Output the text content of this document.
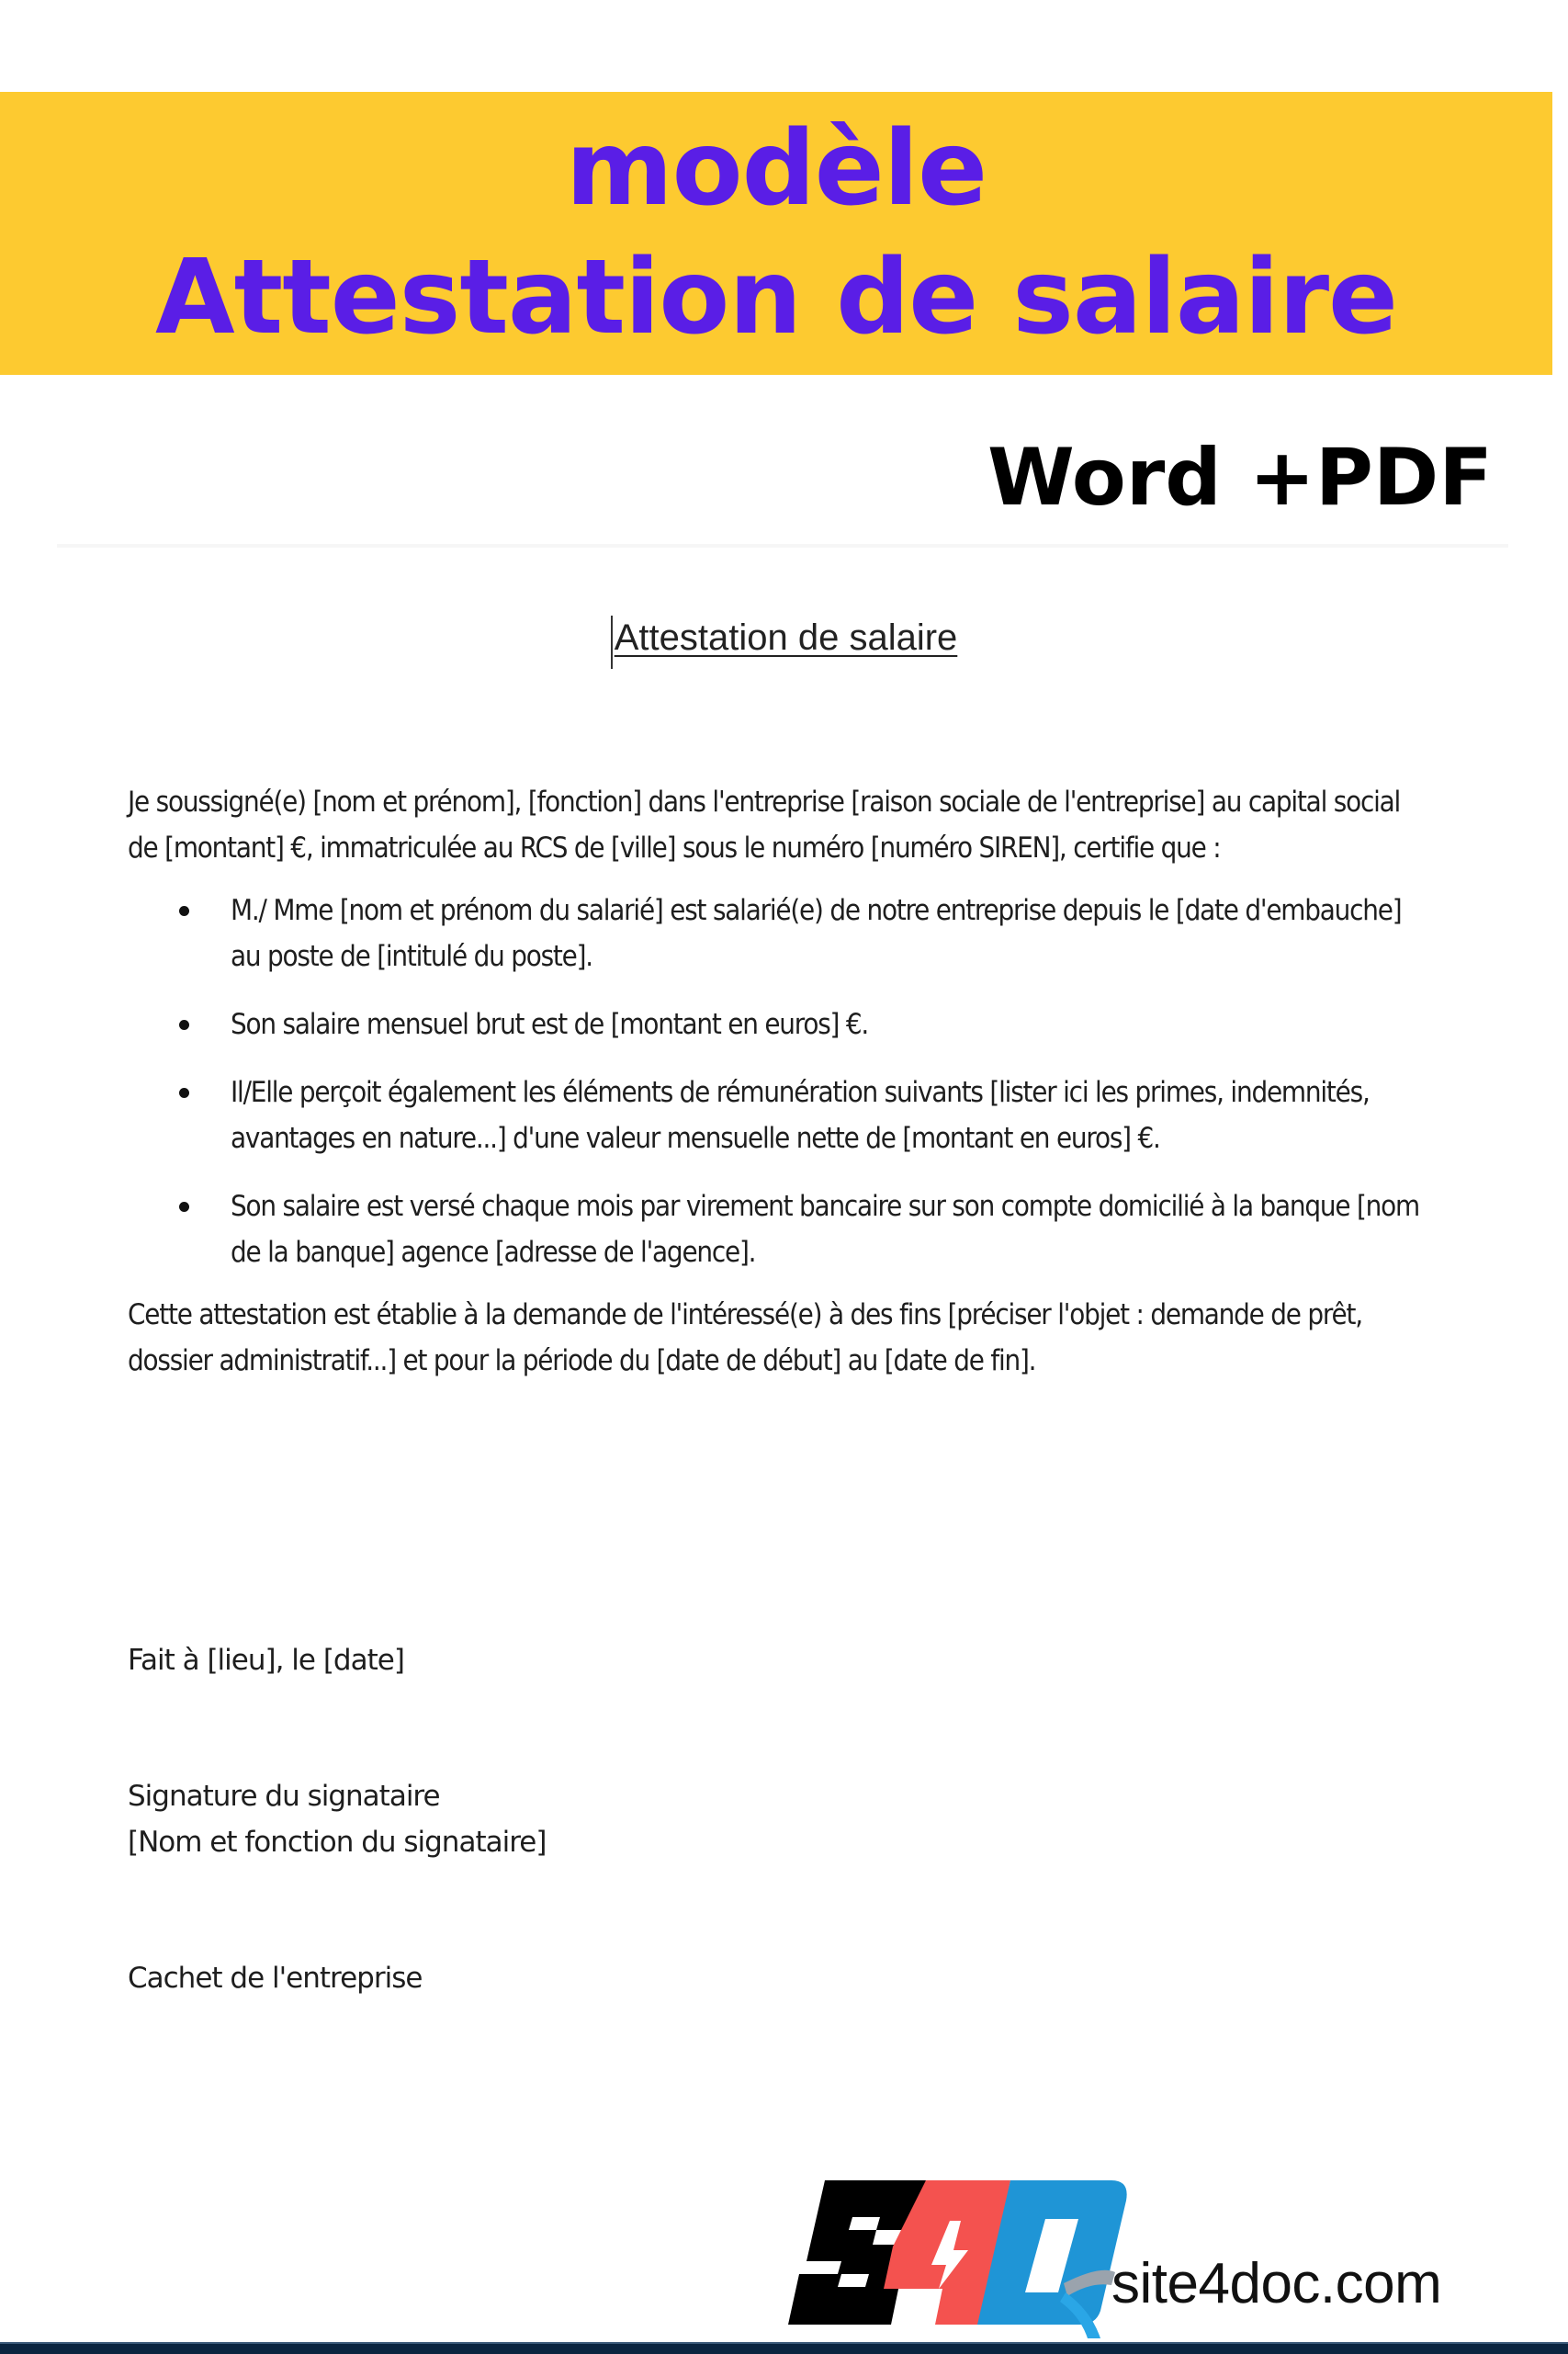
modèle
Attestation de salaire
Word +PDF
Attestation de salaire

Je soussigné(e) [nom et prénom], [fonction] dans l'entreprise [raison sociale de l'entreprise] au capital social de [montant] €, immatriculée au RCS de [ville] sous le numéro [numéro SIREN], certifie que :

M./ Mme [nom et prénom du salarié] est salarié(e) de notre entreprise depuis le [date d'embauche] au poste de [intitulé du poste].
Son salaire mensuel brut est de [montant en euros] €.
Il/Elle perçoit également les éléments de rémunération suivants [lister ici les primes, indemnités, avantages en nature...] d'une valeur mensuelle nette de [montant en euros] €.
Son salaire est versé chaque mois par virement bancaire sur son compte domicilié à la banque [nom de la banque] agence [adresse de l'agence].

Cette attestation est établie à la demande de l'intéressé(e) à des fins [préciser l'objet : demande de prêt, dossier administratif...] et pour la période du [date de début] au [date de fin].

Fait à [lieu], le [date]
Signature du signataire
[Nom et fonction du signataire]
Cachet de l'entreprise
site4doc.com
